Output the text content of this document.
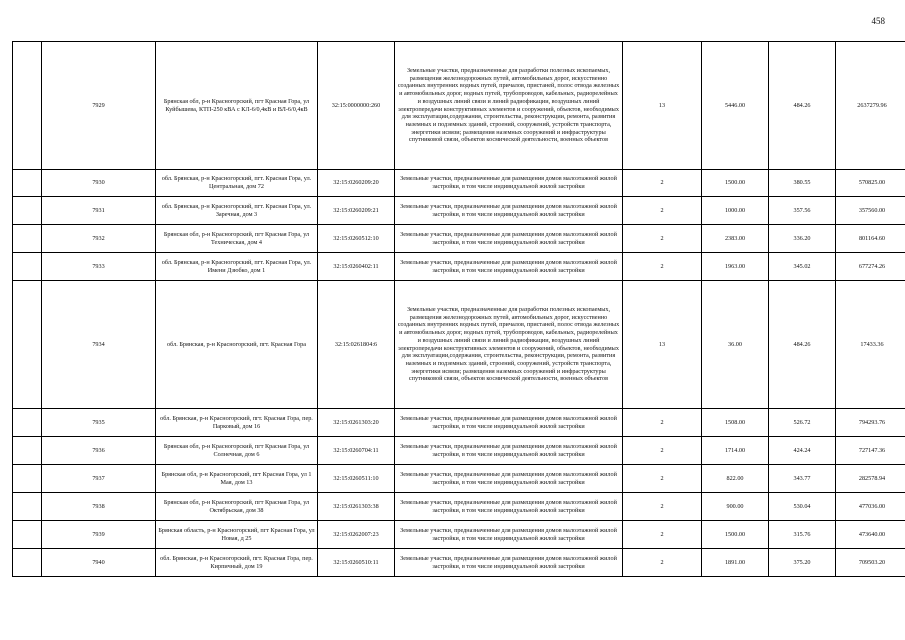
458
	7929	Брянская обл, р-н Красногорский, пгт Красная Гора, ул Куйбышева, КТП-250 кВА с КЛ-6/0,4кВ и ВЛ-6/0,4кВ	32:15:0000000:260	Земельные участки, предназначенные для разработки полезных ископаемых, размещения железнодорожных путей, автомобильных дорог, искусственно созданных внутренних водных путей, причалов, пристаней, полос отвода железных и автомобильных дорог, водных путей, трубопроводов, кабельных, радиорелейных и воздушных линий связи и линий радиофикации, воздушных линий электропередачи конструктивных элементов и сооружений, объектов, необходимых для эксплуатации,содержания, строительства, реконструкции, ремонта, развития наземных и подземных зданий, строений, сооружений, устройств транспорта, энергетики исвязи; размещения наземных сооружений и инфраструктуры спутниковой связи, объектов космической деятельности, военных объектов	13	5446.00	484.26	2637279.96
	7930	обл. Брянская, р-н Красногорский, пгт. Красная Гора, ул. Центральная, дом 72	32:15:0260209:20	Земельные участки, предназначенные для размещения домов малоэтажной жилой застройки, в том числе индивидуальной жилой застройки	2	1500.00	380.55	570825.00
	7931	обл. Брянская, р-н Красногорский, пгт. Красная Гора, ул. Заречная, дом 3	32:15:0260209:21	Земельные участки, предназначенные для размещения домов малоэтажной жилой застройки, в том числе индивидуальной жилой застройки	2	1000.00	357.56	357560.00
	7932	Брянская обл, р-н Красногорский, пгт Красная Гора, ул Техническая, дом 4	32:15:0260512:10	Земельные участки, предназначенные для размещения домов малоэтажной жилой застройки, в том числе индивидуальной жилой застройки	2	2383.00	336.20	801164.60
	7933	обл. Брянская, р-н Красногорский, пгт. Красная Гора, ул. Имени Дзюбко, дом 1	32:15:0260402:11	Земельные участки, предназначенные для размещения домов малоэтажной жилой застройки, в том числе индивидуальной жилой застройки	2	1963.00	345.02	677274.26
	7934	обл. Брянская, р-н Красногорский, пгт. Красная Гора	32:15:0261804:6	Земельные участки, предназначенные для разработки полезных ископаемых, размещения железнодорожных путей, автомобильных дорог, искусственно созданных внутренних водных путей, причалов, пристаней, полос отвода железных и автомобильных дорог, водных путей, трубопроводов, кабельных, радиорелейных и воздушных линий связи и линий радиофикации, воздушных линий электропередачи конструктивных элементов и сооружений, объектов, необходимых для эксплуатации,содержания, строительства, реконструкции, ремонта, развития наземных и подземных зданий, строений, сооружений, устройств транспорта, энергетики исвязи; размещения наземных сооружений и инфраструктуры спутниковой связи, объектов космической деятельности, военных объектов	13	36.00	484.26	17433.36
	7935	обл. Брянская, р-н Красногорский, пгт. Красная Гора, пер. Парковый, дом 16	32:15:0261303:20	Земельные участки, предназначенные для размещения домов малоэтажной жилой застройки, в том числе индивидуальной жилой застройки	2	1508.00	526.72	794293.76
	7936	Брянская обл, р-н Красногорский, пгт Красная Гора, ул Солнечная, дом 6	32:15:0260704:11	Земельные участки, предназначенные для размещения домов малоэтажной жилой застройки, в том числе индивидуальной жилой застройки	2	1714.00	424.24	727147.36
	7937	Брянская обл, р-н Красногорский, пгт Красная Гора, ул 1 Мая, дом 13	32:15:0260511:10	Земельные участки, предназначенные для размещения домов малоэтажной жилой застройки, в том числе индивидуальной жилой застройки	2	822.00	343.77	282578.94
	7938	Брянская обл, р-н Красногорский, пгт Красная Гора, ул Октябрьская, дом 38	32:15:0261303:38	Земельные участки, предназначенные для размещения домов малоэтажной жилой застройки, в том числе индивидуальной жилой застройки	2	900.00	530.04	477036.00
	7939	Брянская область, р-н Красногорский, пгт Красная Гора, ул Новая, д 25	32:15:0262007:23	Земельные участки, предназначенные для размещения домов малоэтажной жилой застройки, в том числе индивидуальной жилой застройки	2	1500.00	315.76	473640.00
	7940	обл. Брянская, р-н Красногорский, пгт. Красная Гора, пер. Кирпичный, дом 19	32:15:0260510:11	Земельные участки, предназначенные для размещения домов малоэтажной жилой застройки, в том числе индивидуальной жилой застройки	2	1891.00	375.20	709503.20
